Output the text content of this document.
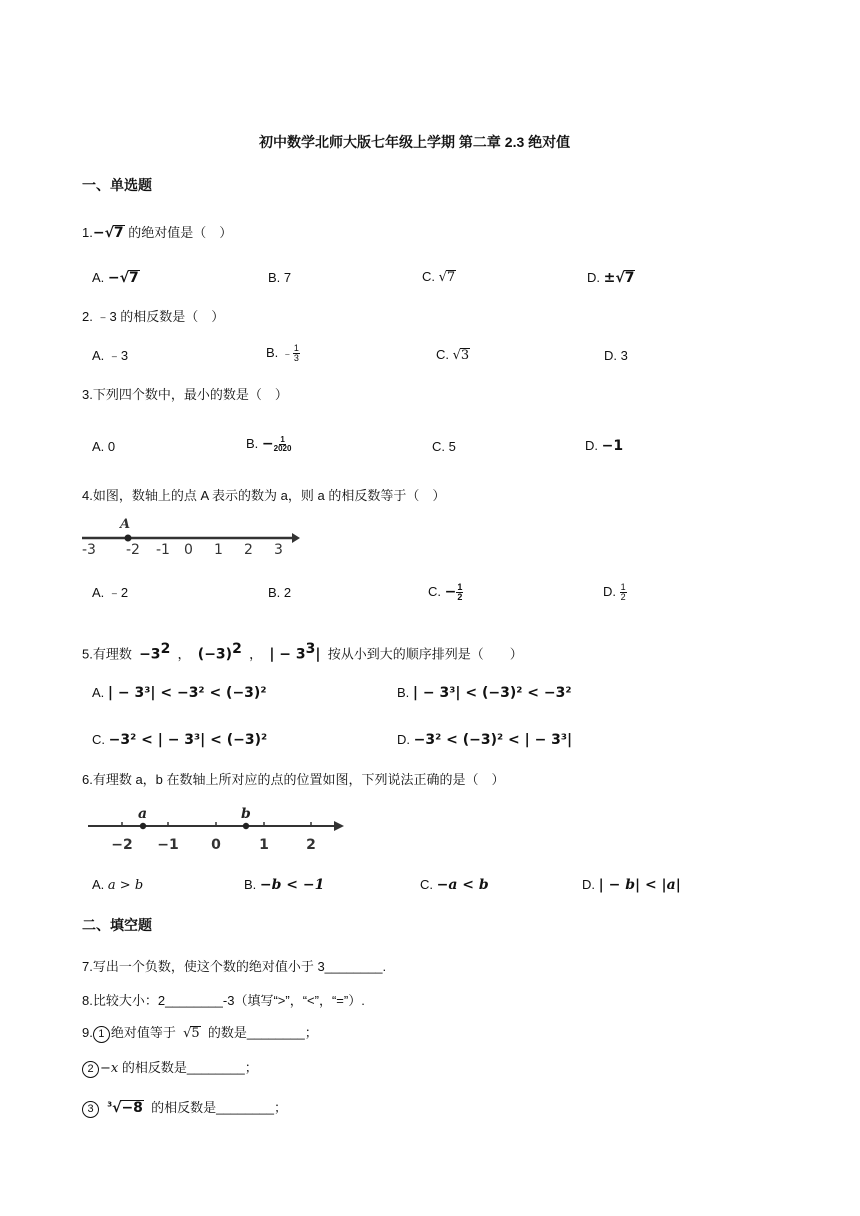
初中数学北师大版七年级上学期 第二章 2.3 绝对值
一、单选题
1.−√7 的绝对值是（　）
A. −√7	B. 7	C. √7	D. ±√7
2. ﹣3 的相反数是（　）
A. ﹣3	B. ﹣ $\frac{1}{3}$	C. √3	D. 3
3.下列四个数中，最小的数是（　）
A. 0	B. − $\frac{1}{2020}$	C. 5	D. −1
4.如图，数轴上的点 A 表示的数为 a，则 a 的相反数等于（　）
A
-3 -2 -1 0 1 2 3
A. ﹣2	B. 2	C. − $\frac{1}{2}$	D. $\frac{1}{2}$
5.有理数 $-3^2$ ， $(-3)^2$ ， | − $3^3|$ 按从小到大的顺序排列是（　　）
A. | − 3³| < −3² < (−3)²	B. | − 3³| < (−3)² < −3²
C. −3² < | − 3³| < (−3)²	D. −3² < (−3)² < | − 3³|
6.有理数 a，b 在数轴上所对应的点的位置如图，下列说法正确的是（　）
a	b
−2 −1 0	1	2
A. a > b	B. −b < −1	C. −a < b	D. | − b| < |a|
二、填空题
7.写出一个负数，使这个数的绝对值小于 3________.
8.比较大小：2________-3（填写“>”，“<”，“=”）.
9. 1 绝对值等于 √5 的数是________；
2 −x 的相反数是________；
3 $^3$√−8 的相反数是________；
